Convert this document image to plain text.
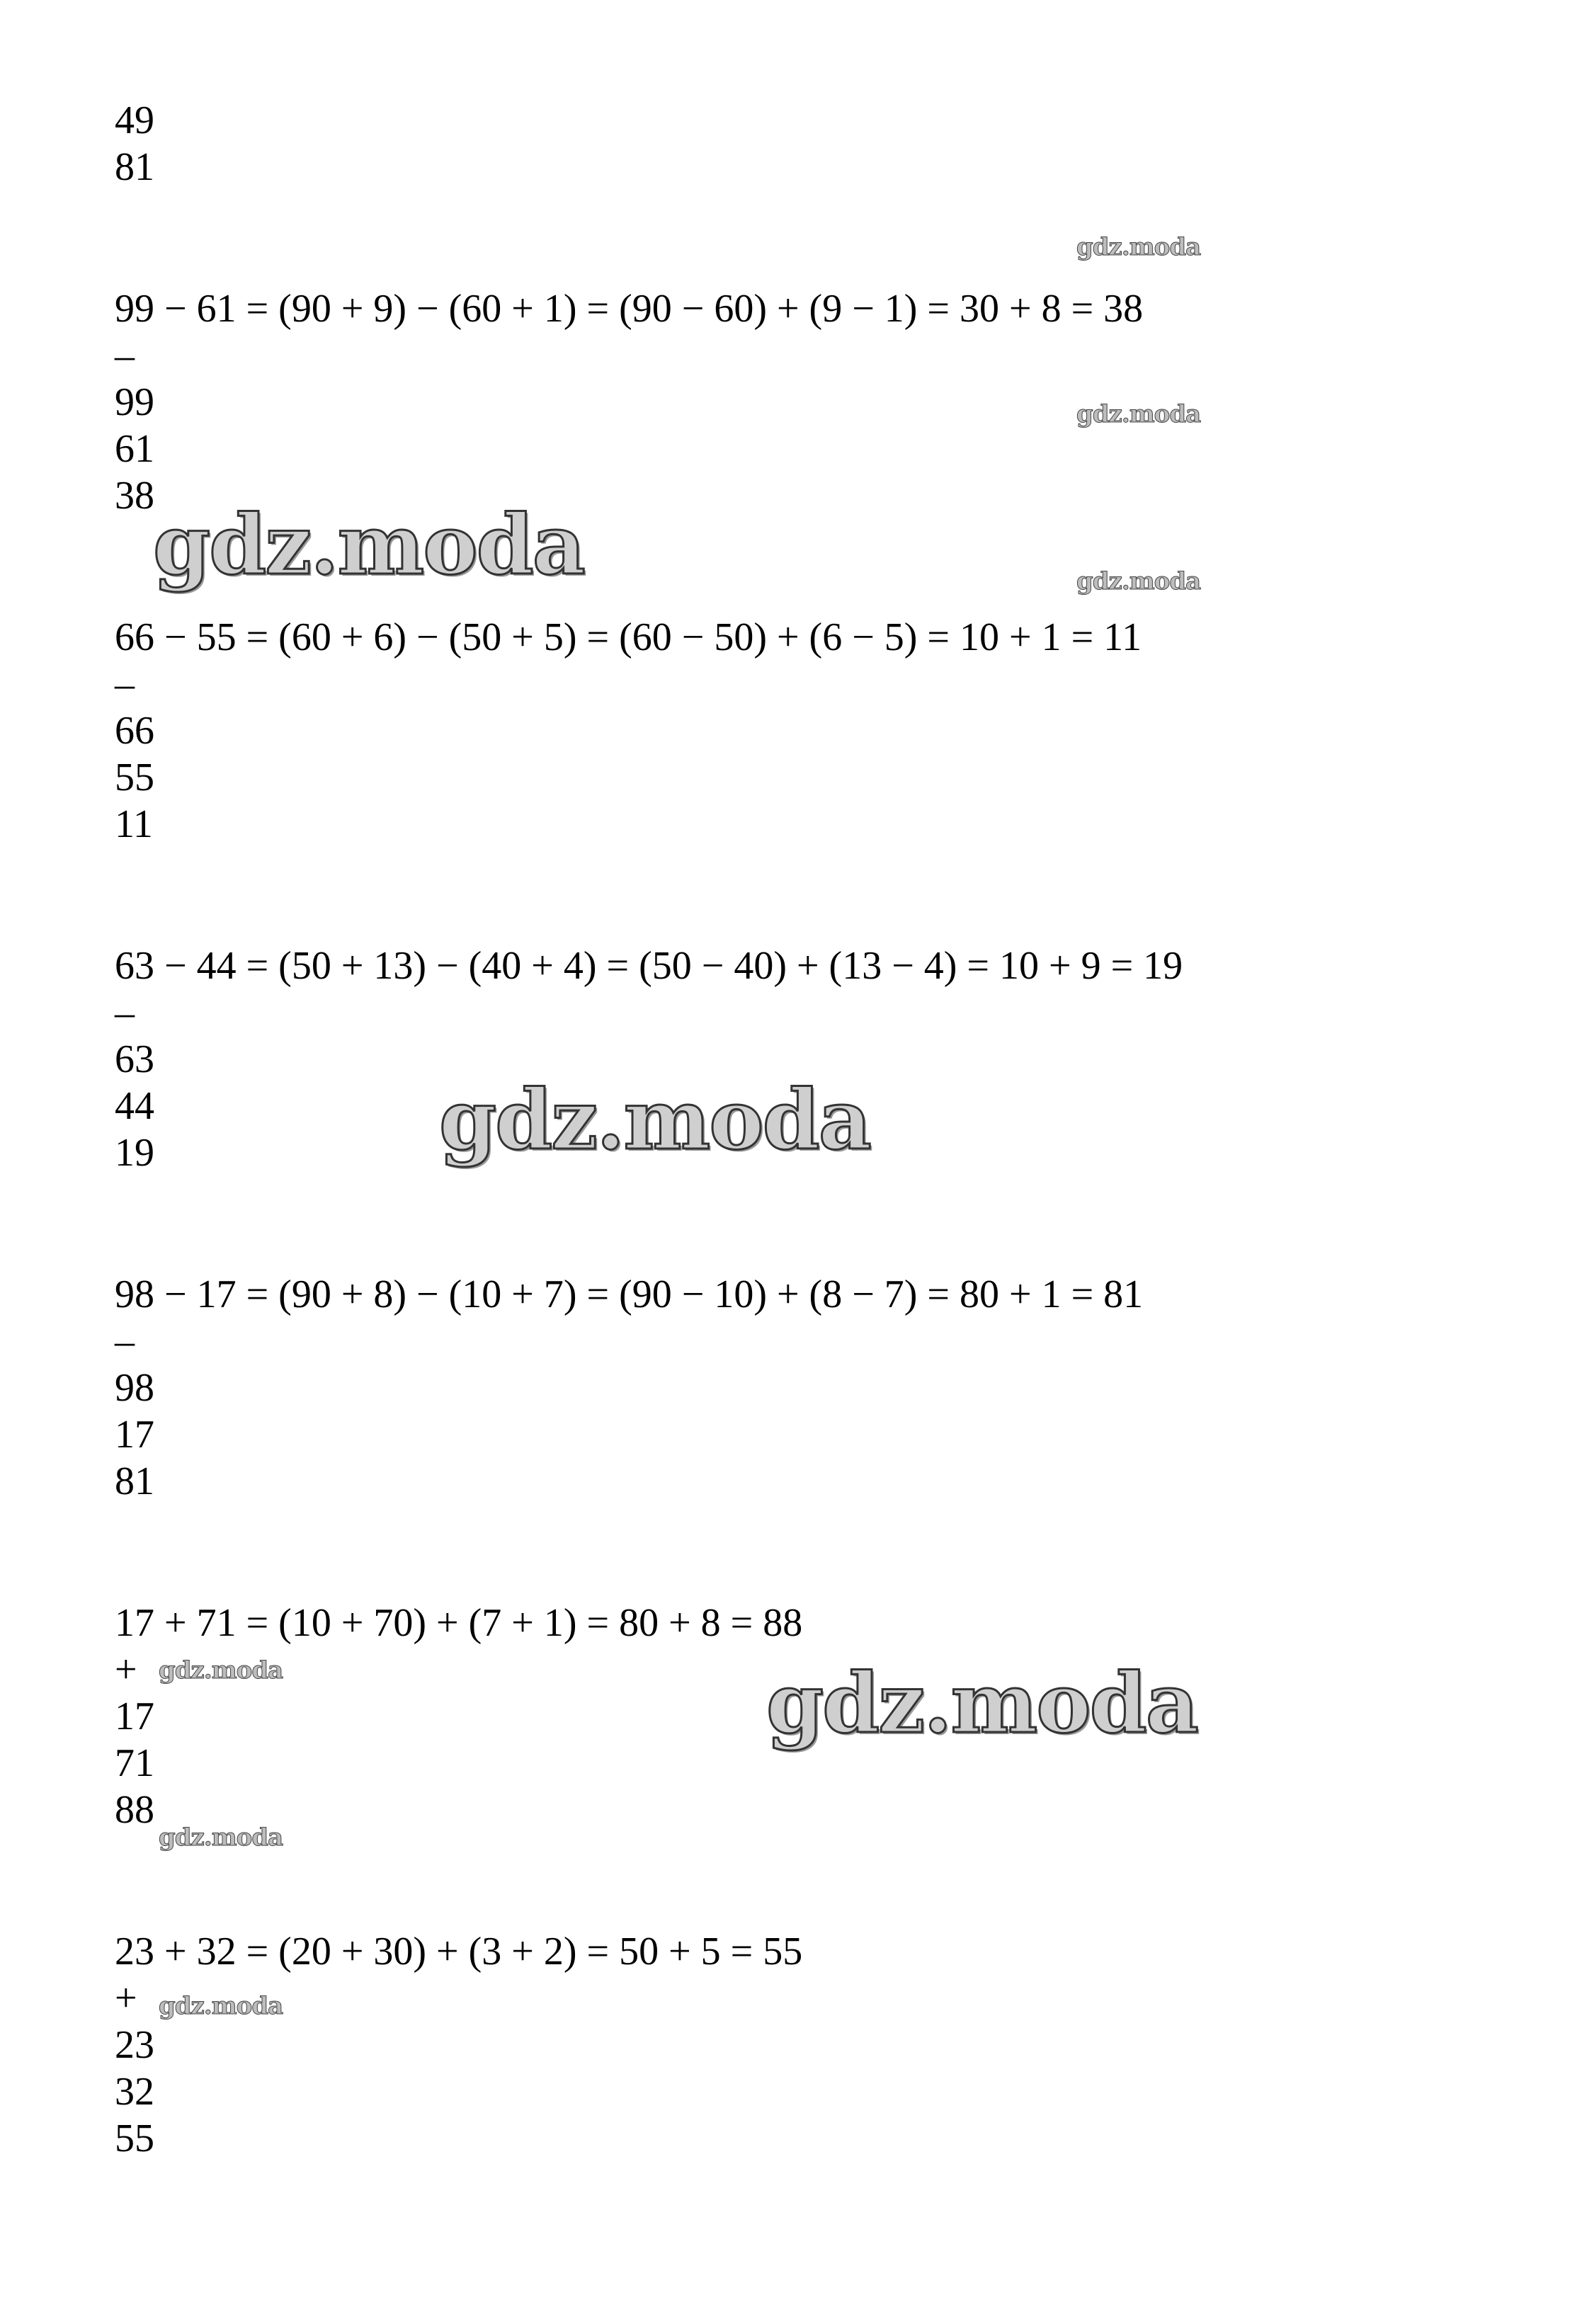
49
81
99 − 61 = (90 + 9) − (60 + 1) = (90 − 60) + (9 − 1) = 30 + 8 = 38
–
99
61
38
66 − 55 = (60 + 6) − (50 + 5) = (60 − 50) + (6 − 5) = 10 + 1 = 11
–
66
55
11
63 − 44 = (50 + 13) − (40 + 4) = (50 − 40) + (13 − 4) = 10 + 9 = 19
–
63
44
19
98 − 17 = (90 + 8) − (10 + 7) = (90 − 10) + (8 − 7) = 80 + 1 = 81
–
98
17
81
17 + 71 = (10 + 70) + (7 + 1) = 80 + 8 = 88
+
17
71
88
23 + 32 = (20 + 30) + (3 + 2) = 50 + 5 = 55
+
23
32
55
gdz.moda
gdz.moda
gdz.moda	gdz.moda
gdz.moda
gdz.moda	gdz.moda
gdz.moda
gdz.moda
